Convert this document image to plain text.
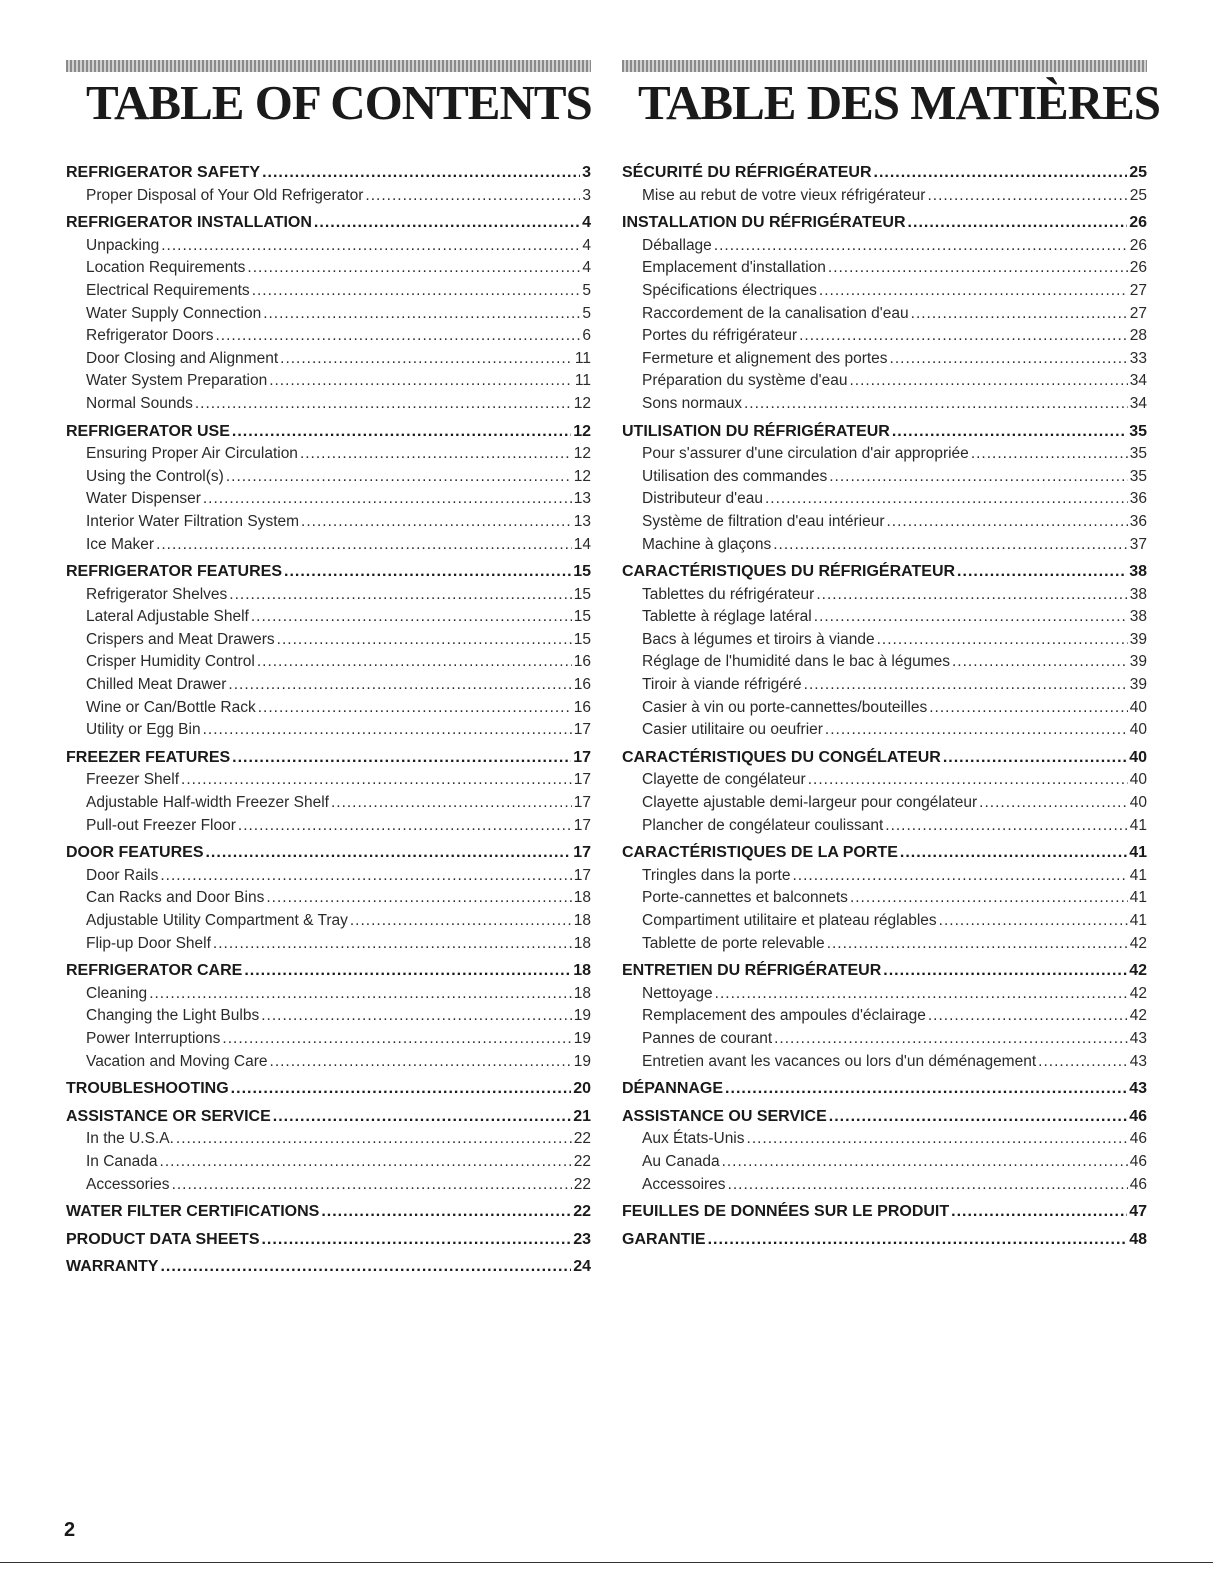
TABLE OF CONTENTS
REFRIGERATOR SAFETY .....	3
Proper Disposal of Your Old Refrigerator .....	3
REFRIGERATOR INSTALLATION .....	4
Unpacking .....	4
Location Requirements .....	4
Electrical Requirements .....	5
Water Supply Connection .....	5
Refrigerator Doors .....	6
Door Closing and Alignment .....	11
Water System Preparation .....	11
Normal Sounds .....	12
REFRIGERATOR USE .....	12
Ensuring Proper Air Circulation .....	12
Using the Control(s) .....	12
Water Dispenser .....	13
Interior Water Filtration System .....	13
Ice Maker .....	14
REFRIGERATOR FEATURES .....	15
Refrigerator Shelves .....	15
Lateral Adjustable Shelf .....	15
Crispers and Meat Drawers .....	15
Crisper Humidity Control .....	16
Chilled Meat Drawer .....	16
Wine or Can/Bottle Rack .....	16
Utility or Egg Bin .....	17
FREEZER FEATURES .....	17
Freezer Shelf .....	17
Adjustable Half-width Freezer Shelf .....	17
Pull-out Freezer Floor .....	17
DOOR FEATURES .....	17
Door Rails .....	17
Can Racks and Door Bins .....	18
Adjustable Utility Compartment & Tray .....	18
Flip-up Door Shelf .....	18
REFRIGERATOR CARE .....	18
Cleaning .....	18
Changing the Light Bulbs .....	19
Power Interruptions .....	19
Vacation and Moving Care .....	19
TROUBLESHOOTING .....	20
ASSISTANCE OR SERVICE .....	21
In the U.S.A. .....	22
In Canada .....	22
Accessories .....	22
WATER FILTER CERTIFICATIONS .....	22
PRODUCT DATA SHEETS .....	23
WARRANTY .....	24
TABLE DES MATIÈRES
SÉCURITÉ DU RÉFRIGÉRATEUR .....	25
Mise au rebut de votre vieux réfrigérateur .....	25
INSTALLATION DU RÉFRIGÉRATEUR .....	26
Déballage .....	26
Emplacement d'installation .....	26
Spécifications électriques .....	27
Raccordement de la canalisation d'eau .....	27
Portes du réfrigérateur .....	28
Fermeture et alignement des portes .....	33
Préparation du système d'eau .....	34
Sons normaux .....	34
UTILISATION DU RÉFRIGÉRATEUR .....	35
Pour s'assurer d'une circulation d'air appropriée .....	35
Utilisation des commandes .....	35
Distributeur d'eau .....	36
Système de filtration d'eau intérieur .....	36
Machine à glaçons .....	37
CARACTÉRISTIQUES DU RÉFRIGÉRATEUR .....	38
Tablettes du réfrigérateur .....	38
Tablette à réglage latéral .....	38
Bacs à légumes et tiroirs à viande .....	39
Réglage de l'humidité dans le bac à légumes .....	39
Tiroir à viande réfrigéré .....	39
Casier à vin ou porte-cannettes/bouteilles .....	40
Casier utilitaire ou oeufrier .....	40
CARACTÉRISTIQUES DU CONGÉLATEUR .....	40
Clayette de congélateur .....	40
Clayette ajustable demi-largeur pour congélateur .....	40
Plancher de congélateur coulissant .....	41
CARACTÉRISTIQUES DE LA PORTE .....	41
Tringles dans la porte .....	41
Porte-cannettes et balconnets .....	41
Compartiment utilitaire et plateau réglables .....	41
Tablette de porte relevable .....	42
ENTRETIEN DU RÉFRIGÉRATEUR .....	42
Nettoyage .....	42
Remplacement des ampoules d'éclairage .....	42
Pannes de courant .....	43
Entretien avant les vacances ou lors d'un déménagement .....	43
DÉPANNAGE .....	43
ASSISTANCE OU SERVICE .....	46
Aux États-Unis .....	46
Au Canada .....	46
Accessoires .....	46
FEUILLES DE DONNÉES SUR LE PRODUIT .....	47
GARANTIE .....	48
2
